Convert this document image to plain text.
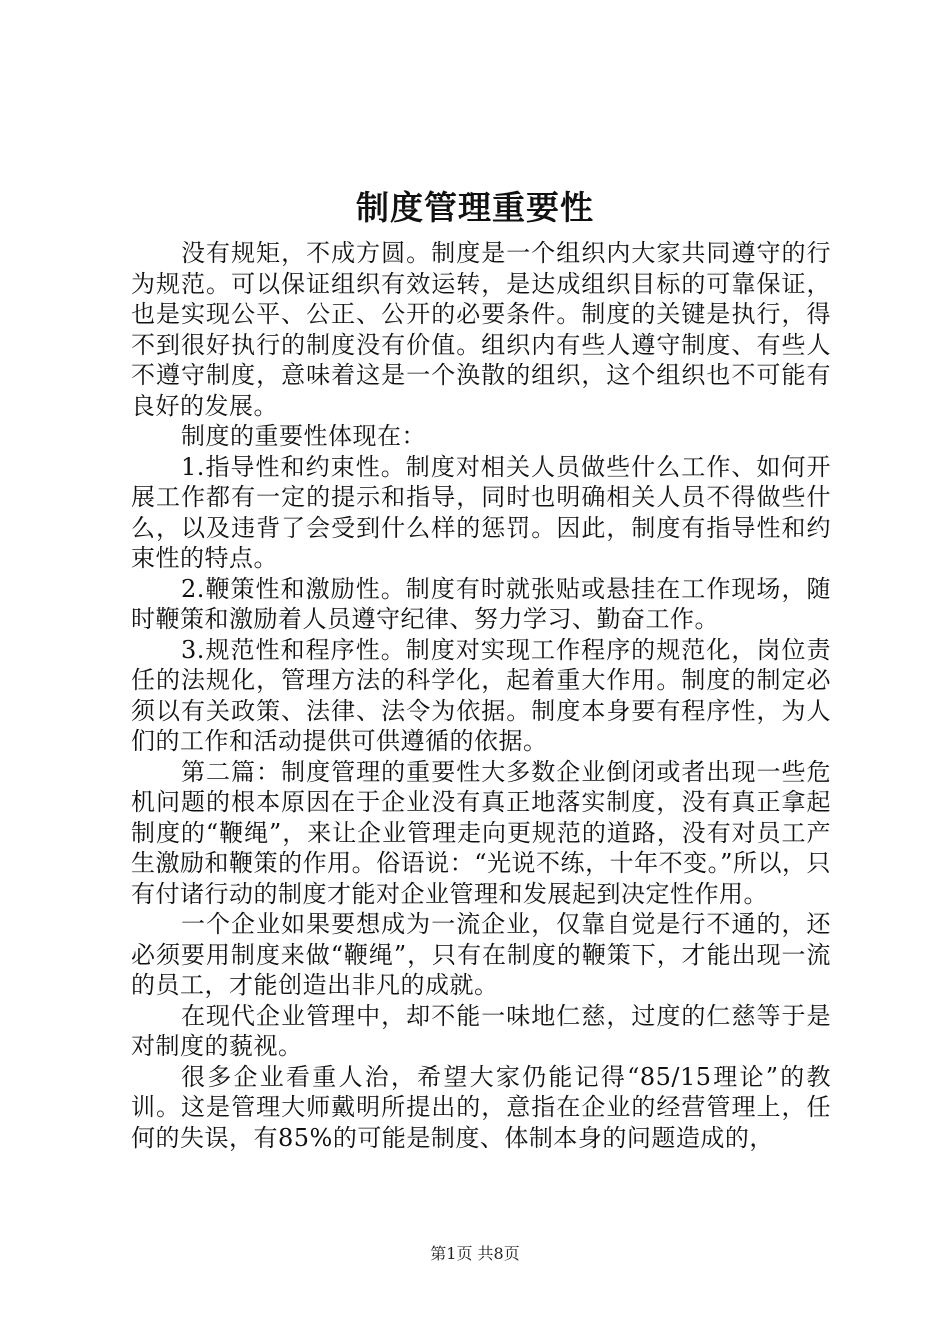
制度管理重要性

没有规矩，不成方圆。制度是一个组织内大家共同遵守的行为规范。可以保证组织有效运转，是达成组织目标的可靠保证，也是实现公平、公正、公开的必要条件。制度的关键是执行，得不到很好执行的制度没有价值。组织内有些人遵守制度、有些人不遵守制度，意味着这是一个涣散的组织，这个组织也不可能有良好的发展。

制度的重要性体现在：

1.指导性和约束性。制度对相关人员做些什么工作、如何开展工作都有一定的提示和指导，同时也明确相关人员不得做些什么，以及违背了会受到什么样的惩罚。因此，制度有指导性和约束性的特点。

2.鞭策性和激励性。制度有时就张贴或悬挂在工作现场，随时鞭策和激励着人员遵守纪律、努力学习、勤奋工作。

3.规范性和程序性。制度对实现工作程序的规范化，岗位责任的法规化，管理方法的科学化，起着重大作用。制度的制定必须以有关政策、法律、法令为依据。制度本身要有程序性，为人们的工作和活动提供可供遵循的依据。

第二篇：制度管理的重要性大多数企业倒闭或者出现一些危机问题的根本原因在于企业没有真正地落实制度，没有真正拿起制度的“鞭绳”，来让企业管理走向更规范的道路，没有对员工产生激励和鞭策的作用。俗语说：“光说不练，十年不变。”所以，只有付诸行动的制度才能对企业管理和发展起到决定性作用。

一个企业如果要想成为一流企业，仅靠自觉是行不通的，还必须要用制度来做“鞭绳”，只有在制度的鞭策下，才能出现一流的员工，才能创造出非凡的成就。

在现代企业管理中，却不能一味地仁慈，过度的仁慈等于是对制度的藐视。

很多企业看重人治，希望大家仍能记得“85/15理论”的教训。这是管理大师戴明所提出的，意指在企业的经营管理上，任何的失误，有85%的可能是制度、体制本身的问题造成的，

第1页 共8页
